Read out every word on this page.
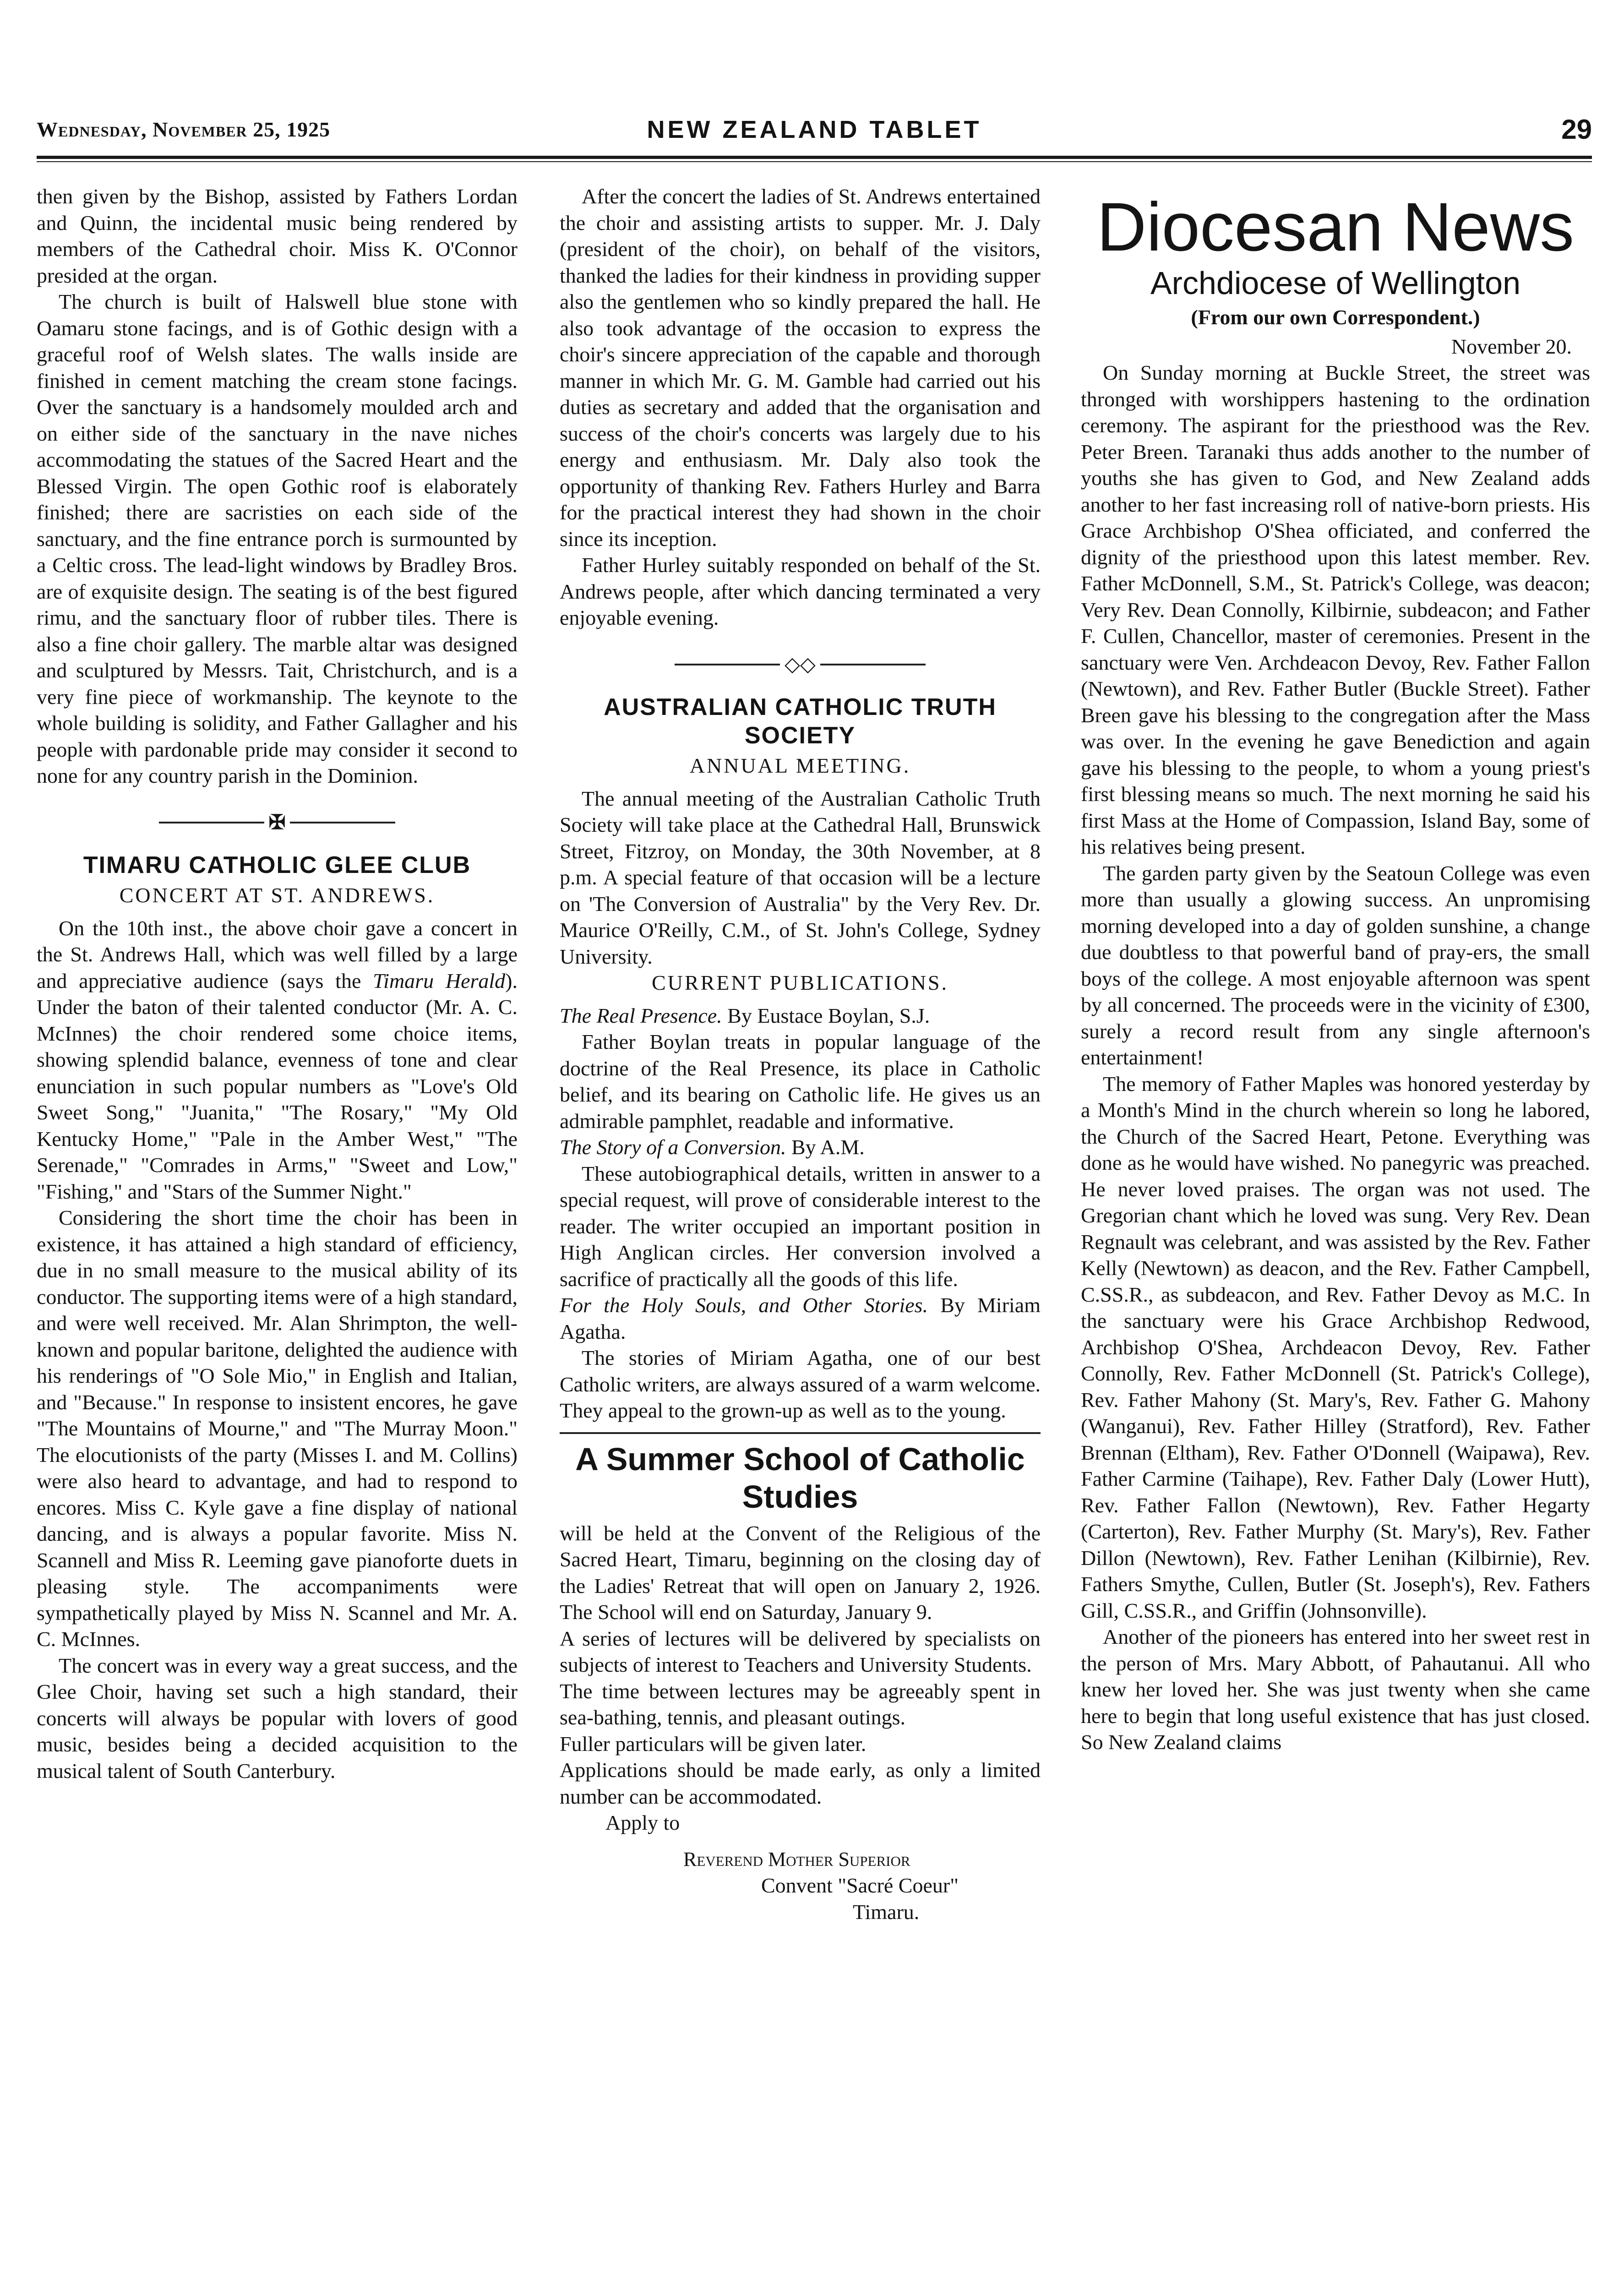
Wednesday, November 25, 1925	NEW ZEALAND TABLET	29

then given by the Bishop, assisted by Fathers Lordan and Quinn, the incidental music being rendered by members of the Cathedral choir. Miss K. O'Connor presided at the organ.

The church is built of Halswell blue stone with Oamaru stone facings, and is of Gothic design with a graceful roof of Welsh slates. The walls inside are finished in cement matching the cream stone facings. Over the sanctuary is a handsomely moulded arch and on either side of the sanctuary in the nave niches accommodating the statues of the Sacred Heart and the Blessed Virgin. The open Gothic roof is elaborately finished; there are sacristies on each side of the sanctuary, and the fine entrance porch is surmounted by a Celtic cross. The lead-light windows by Bradley Bros. are of exquisite design. The seating is of the best figured rimu, and the sanctuary floor of rubber tiles. There is also a fine choir gallery. The marble altar was designed and sculptured by Messrs. Tait, Christchurch, and is a very fine piece of workmanship. The keynote to the whole building is solidity, and Father Gallagher and his people with pardonable pride may consider it second to none for any country parish in the Dominion.

✠
TIMARU CATHOLIC GLEE CLUB
CONCERT AT ST. ANDREWS.

On the 10th inst., the above choir gave a concert in the St. Andrews Hall, which was well filled by a large and appreciative audience (says the Timaru Herald). Under the baton of their talented conductor (Mr. A. C. McInnes) the choir rendered some choice items, showing splendid balance, evenness of tone and clear enunciation in such popular numbers as "Love's Old Sweet Song," "Juanita," "The Rosary," "My Old Kentucky Home," "Pale in the Amber West," "The Serenade," "Comrades in Arms," "Sweet and Low," "Fishing," and "Stars of the Summer Night."

Considering the short time the choir has been in existence, it has attained a high standard of efficiency, due in no small measure to the musical ability of its conductor. The supporting items were of a high standard, and were well received. Mr. Alan Shrimpton, the well-known and popular baritone, delighted the audience with his renderings of "O Sole Mio," in English and Italian, and "Because." In response to insistent encores, he gave "The Mountains of Mourne," and "The Murray Moon." The elocutionists of the party (Misses I. and M. Collins) were also heard to advantage, and had to respond to encores. Miss C. Kyle gave a fine display of national dancing, and is always a popular favorite. Miss N. Scannell and Miss R. Leeming gave pianoforte duets in pleasing style. The accompaniments were sympathetically played by Miss N. Scannel and Mr. A. C. McInnes.

The concert was in every way a great success, and the Glee Choir, having set such a high standard, their concerts will always be popular with lovers of good music, besides being a decided acquisition to the musical talent of South Canterbury.

After the concert the ladies of St. Andrews entertained the choir and assisting artists to supper. Mr. J. Daly (president of the choir), on behalf of the visitors, thanked the ladies for their kindness in providing supper also the gentlemen who so kindly prepared the hall. He also took advantage of the occasion to express the choir's sincere appreciation of the capable and thorough manner in which Mr. G. M. Gamble had carried out his duties as secretary and added that the organisation and success of the choir's concerts was largely due to his energy and enthusiasm. Mr. Daly also took the opportunity of thanking Rev. Fathers Hurley and Barra for the practical interest they had shown in the choir since its inception.

Father Hurley suitably responded on behalf of the St. Andrews people, after which dancing terminated a very enjoyable evening.

◇◇
AUSTRALIAN CATHOLIC TRUTH SOCIETY
ANNUAL MEETING.

The annual meeting of the Australian Catholic Truth Society will take place at the Cathedral Hall, Brunswick Street, Fitzroy, on Monday, the 30th November, at 8 p.m. A special feature of that occasion will be a lecture on 'The Conversion of Australia" by the Very Rev. Dr. Maurice O'Reilly, C.M., of St. John's College, Sydney University.

CURRENT PUBLICATIONS.

The Real Presence. By Eustace Boylan, S.J.

Father Boylan treats in popular language of the doctrine of the Real Presence, its place in Catholic belief, and its bearing on Catholic life. He gives us an admirable pamphlet, readable and informative.

The Story of a Conversion. By A.M.

These autobiographical details, written in answer to a special request, will prove of considerable interest to the reader. The writer occupied an important position in High Anglican circles. Her conversion involved a sacrifice of practically all the goods of this life.

For the Holy Souls, and Other Stories. By Miriam Agatha.

The stories of Miriam Agatha, one of our best Catholic writers, are always assured of a warm welcome. They appeal to the grown-up as well as to the young.

A Summer School of Catholic Studies

will be held at the Convent of the Religious of the Sacred Heart, Timaru, beginning on the closing day of the Ladies' Retreat that will open on January 2, 1926. The School will end on Saturday, January 9.

A series of lectures will be delivered by specialists on subjects of interest to Teachers and University Students.

The time between lectures may be agreeably spent in sea-bathing, tennis, and pleasant outings.

Fuller particulars will be given later.

Applications should be made early, as only a limited number can be accommodated.

Apply to
Reverend Mother Superior
Convent "Sacré Coeur"
Timaru.
Diocesan News
Archdiocese of Wellington
(From our own Correspondent.)
November 20.

On Sunday morning at Buckle Street, the street was thronged with worshippers hastening to the ordination ceremony. The aspirant for the priesthood was the Rev. Peter Breen. Taranaki thus adds another to the number of youths she has given to God, and New Zealand adds another to her fast increasing roll of native-born priests. His Grace Archbishop O'Shea officiated, and conferred the dignity of the priesthood upon this latest member. Rev. Father McDonnell, S.M., St. Patrick's College, was deacon; Very Rev. Dean Connolly, Kilbirnie, subdeacon; and Father F. Cullen, Chancellor, master of ceremonies. Present in the sanctuary were Ven. Archdeacon Devoy, Rev. Father Fallon (Newtown), and Rev. Father Butler (Buckle Street). Father Breen gave his blessing to the congregation after the Mass was over. In the evening he gave Benediction and again gave his blessing to the people, to whom a young priest's first blessing means so much. The next morning he said his first Mass at the Home of Compassion, Island Bay, some of his relatives being present.

The garden party given by the Seatoun College was even more than usually a glowing success. An unpromising morning developed into a day of golden sunshine, a change due doubtless to that powerful band of pray-ers, the small boys of the college. A most enjoyable afternoon was spent by all concerned. The proceeds were in the vicinity of £300, surely a record result from any single afternoon's entertainment!

The memory of Father Maples was honored yesterday by a Month's Mind in the church wherein so long he labored, the Church of the Sacred Heart, Petone. Everything was done as he would have wished. No panegyric was preached. He never loved praises. The organ was not used. The Gregorian chant which he loved was sung. Very Rev. Dean Regnault was celebrant, and was assisted by the Rev. Father Kelly (Newtown) as deacon, and the Rev. Father Campbell, C.SS.R., as subdeacon, and Rev. Father Devoy as M.C. In the sanctuary were his Grace Archbishop Redwood, Archbishop O'Shea, Archdeacon Devoy, Rev. Father Connolly, Rev. Father McDonnell (St. Patrick's College), Rev. Father Mahony (St. Mary's, Rev. Father G. Mahony (Wanganui), Rev. Father Hilley (Stratford), Rev. Father Brennan (Eltham), Rev. Father O'Donnell (Waipawa), Rev. Father Carmine (Taihape), Rev. Father Daly (Lower Hutt), Rev. Father Fallon (Newtown), Rev. Father Hegarty (Carterton), Rev. Father Murphy (St. Mary's), Rev. Father Dillon (Newtown), Rev. Father Lenihan (Kilbirnie), Rev. Fathers Smythe, Cullen, Butler (St. Joseph's), Rev. Fathers Gill, C.SS.R., and Griffin (Johnsonville).

Another of the pioneers has entered into her sweet rest in the person of Mrs. Mary Abbott, of Pahautanui. All who knew her loved her. She was just twenty when she came here to begin that long useful existence that has just closed. So New Zealand claims
